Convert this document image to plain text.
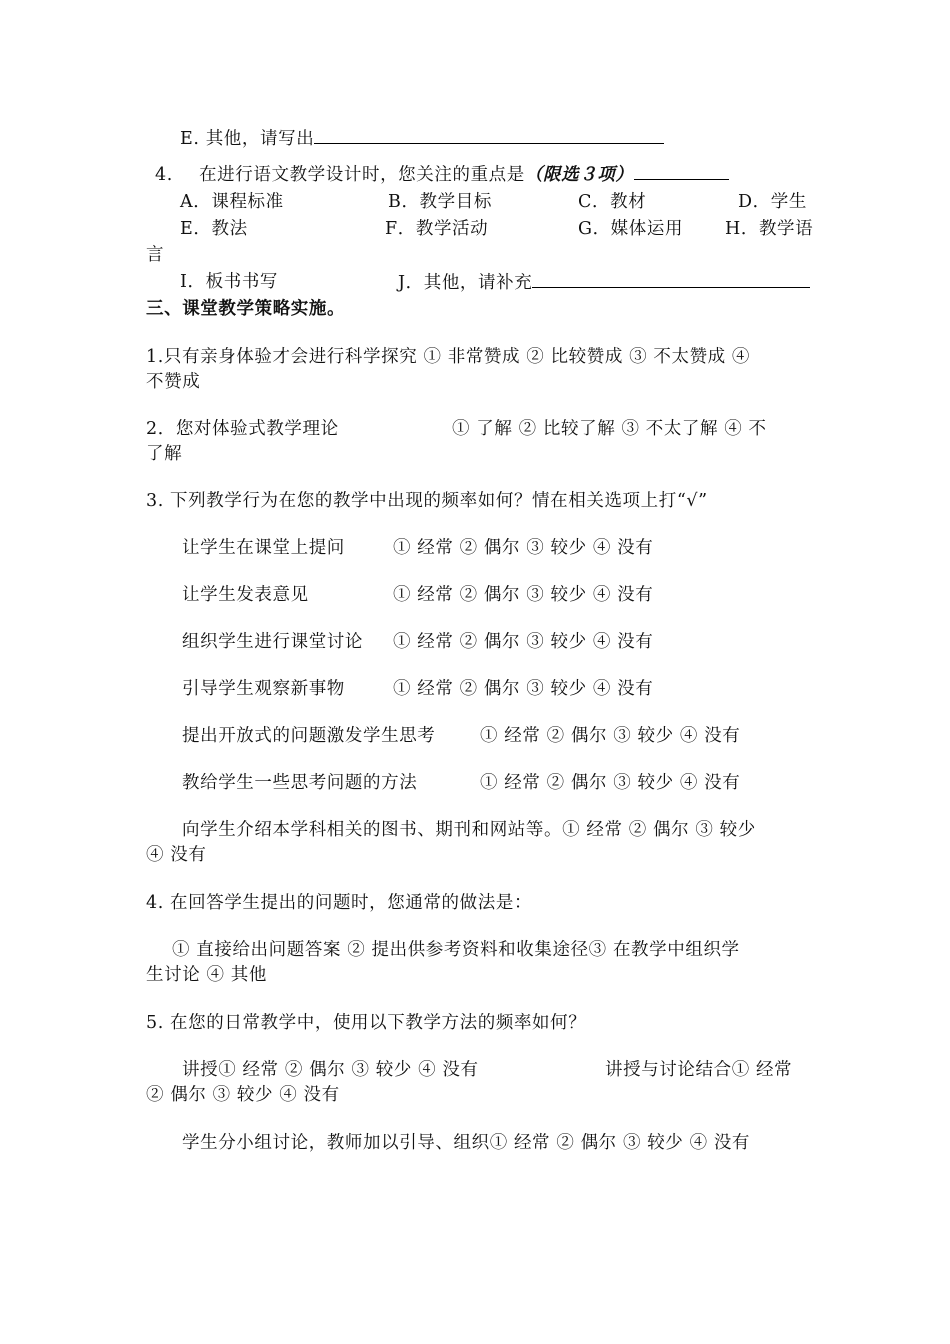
E. 其他，请写出
4. 在进行语文教学设计时，您关注的重点是（限选３项）
A．课程标准	B．教学目标	C．教材	D．学生
E．教法	F．教学活动	G．媒体运用 H．教学语
言
I．板书书写	J．其他，请补充
三、课堂教学策略实施。
1.只有亲身体验才会进行科学探究 ① 非常赞成 ② 比较赞成 ③ 不太赞成 ④
不赞成
2．您对体验式教学理论	① 了解 ② 比较了解 ③ 不太了解 ④ 不
了解
3. 下列教学行为在您的教学中出现的频率如何？情在相关选项上打“√”
让学生在课堂上提问	① 经常 ② 偶尔 ③ 较少 ④ 没有
让学生发表意见	① 经常 ② 偶尔 ③ 较少 ④ 没有
组织学生进行课堂讨论 ① 经常 ② 偶尔 ③ 较少 ④ 没有
引导学生观察新事物	① 经常 ② 偶尔 ③ 较少 ④ 没有
提出开放式的问题激发学生思考	① 经常 ② 偶尔 ③ 较少 ④ 没有
教给学生一些思考问题的方法	① 经常 ② 偶尔 ③ 较少 ④ 没有
向学生介绍本学科相关的图书、期刊和网站等。① 经常 ② 偶尔 ③ 较少
④ 没有
4. 在回答学生提出的问题时，您通常的做法是：
① 直接给出问题答案 ② 提出供参考资料和收集途径③ 在教学中组织学
生讨论 ④ 其他
5. 在您的日常教学中，使用以下教学方法的频率如何？
讲授① 经常 ② 偶尔 ③ 较少 ④ 没有	讲授与讨论结合① 经常
② 偶尔 ③ 较少 ④ 没有
学生分小组讨论，教师加以引导、组织① 经常 ② 偶尔 ③ 较少 ④ 没有
